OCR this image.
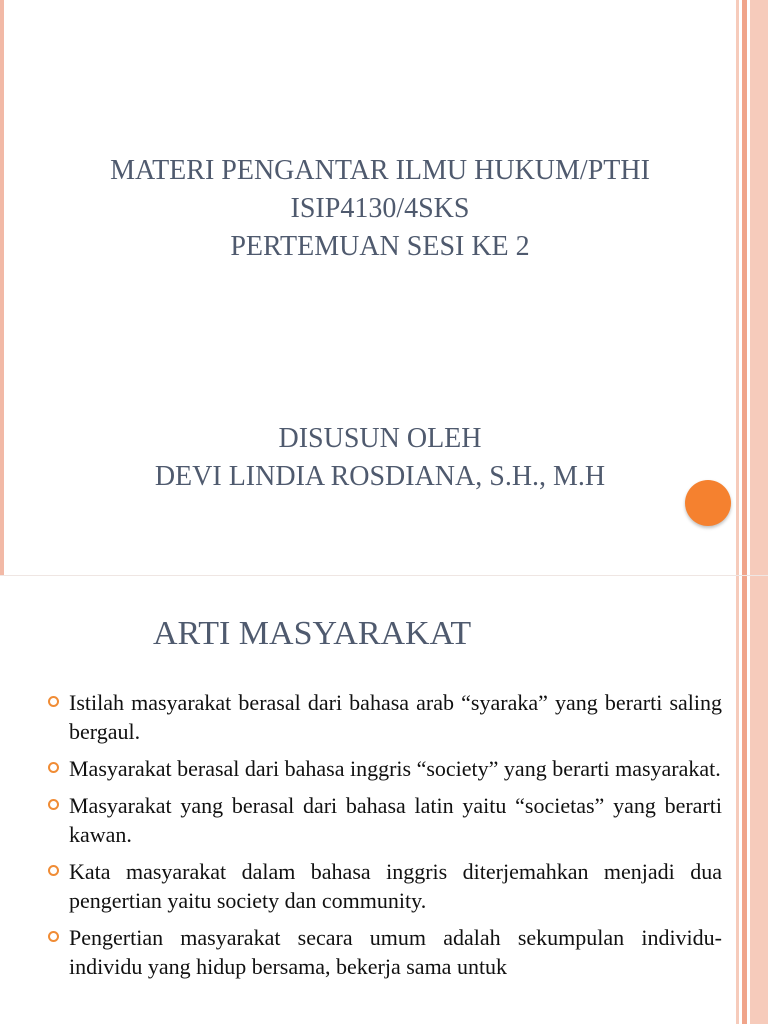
MATERI PENGANTAR ILMU HUKUM/PTHI
ISIP4130/4SKS
PERTEMUAN SESI KE 2
DISUSUN OLEH
DEVI LINDIA ROSDIANA, S.H., M.H
ARTI MASYARAKAT
Istilah masyarakat berasal dari bahasa arab “syaraka” yang berarti saling bergaul.
Masyarakat berasal dari bahasa inggris “society” yang berarti masyarakat.
Masyarakat yang berasal dari bahasa latin yaitu “societas” yang berarti kawan.
Kata masyarakat dalam bahasa inggris diterjemahkan menjadi dua pengertian yaitu society dan community.
Pengertian masyarakat secara umum adalah sekumpulan individu-individu yang hidup bersama, bekerja sama untuk
